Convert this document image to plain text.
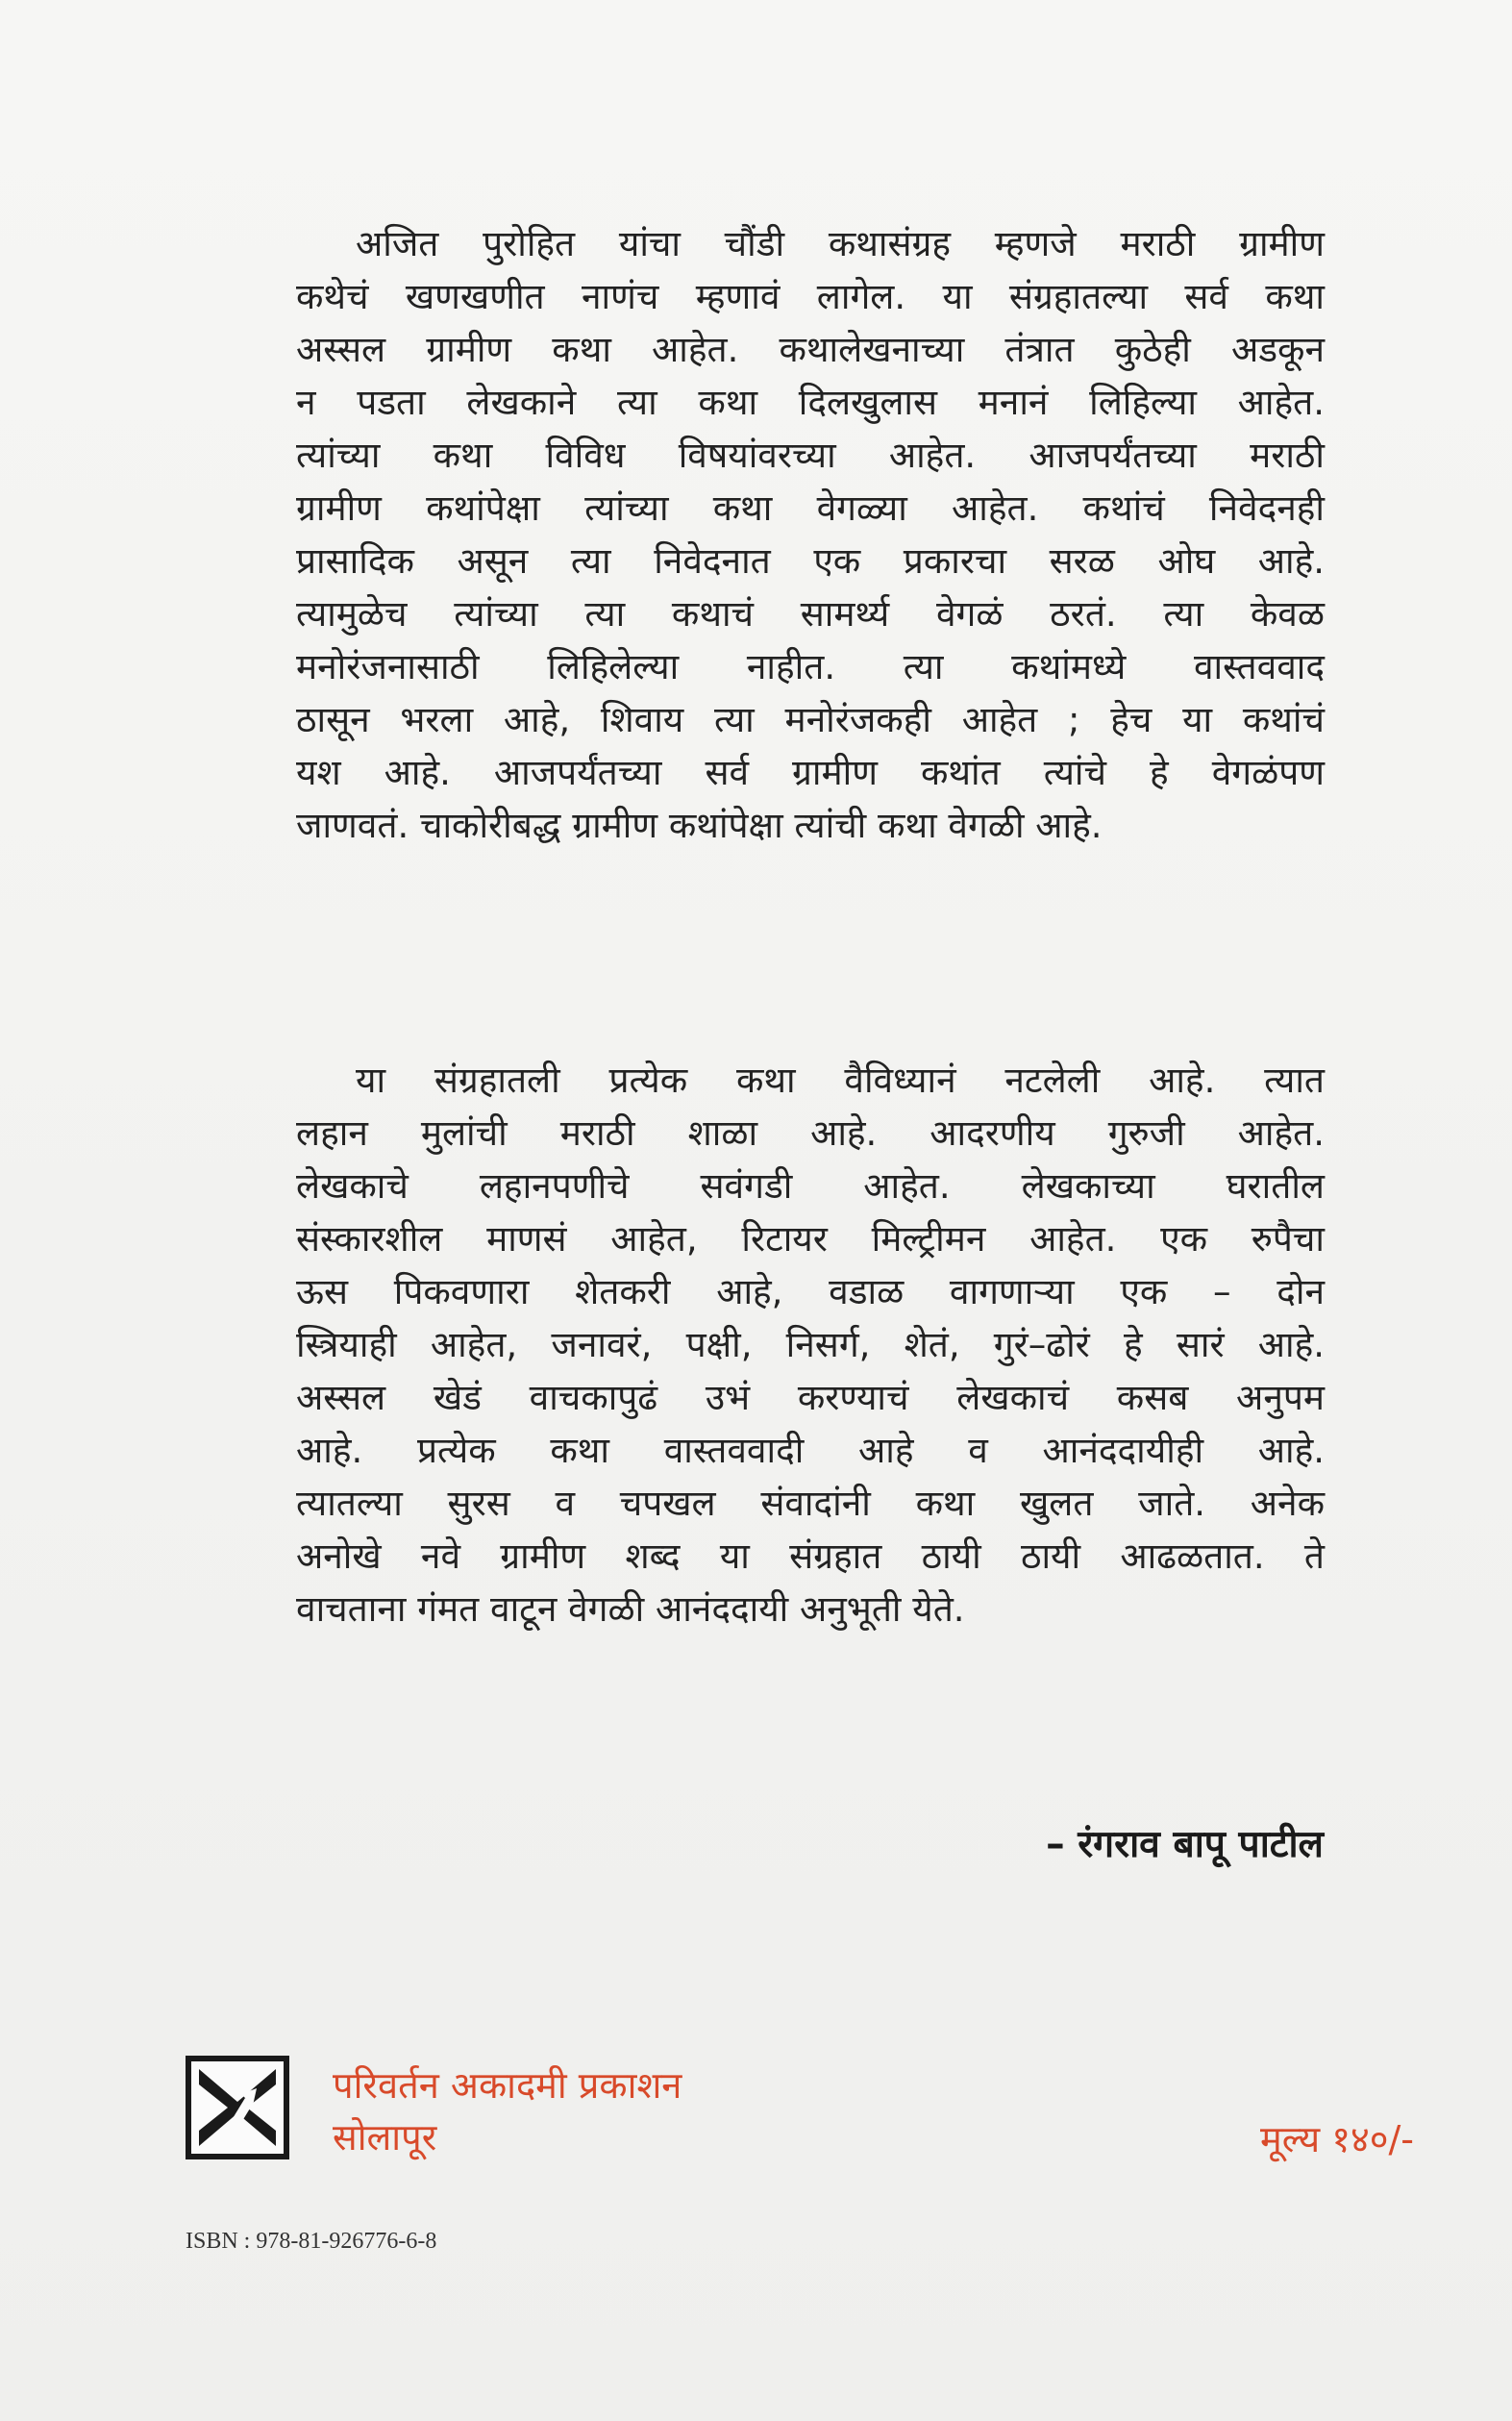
अजित पुरोहित यांचा चौंडी कथासंग्रह म्हणजे मराठी ग्रामीण
कथेचं खणखणीत नाणंच म्हणावं लागेल. या संग्रहातल्या सर्व कथा
अस्सल ग्रामीण कथा आहेत. कथालेखनाच्या तंत्रात कुठेही अडकून
न पडता लेखकाने त्या कथा दिलखुलास मनानं लिहिल्या आहेत.
त्यांच्या कथा विविध विषयांवरच्या आहेत. आजपर्यंतच्या मराठी
ग्रामीण कथांपेक्षा त्यांच्या कथा वेगळ्या आहेत. कथांचं निवेदनही
प्रासादिक असून त्या निवेदनात एक प्रकारचा सरळ ओघ आहे.
त्यामुळेच त्यांच्या त्या कथाचं सामर्थ्य वेगळं ठरतं. त्या केवळ
मनोरंजनासाठी लिहिलेल्या नाहीत. त्या कथांमध्ये वास्तववाद
ठासून भरला आहे, शिवाय त्या मनोरंजकही आहेत ; हेच या कथांचं
यश आहे. आजपर्यंतच्या सर्व ग्रामीण कथांत त्यांचे हे वेगळंपण
जाणवतं. चाकोरीबद्ध ग्रामीण कथांपेक्षा त्यांची कथा वेगळी आहे.

या संग्रहातली प्रत्येक कथा वैविध्यानं नटलेली आहे. त्यात
लहान मुलांची मराठी शाळा आहे. आदरणीय गुरुजी आहेत.
लेखकाचे लहानपणीचे सवंगडी आहेत. लेखकाच्या घरातील
संस्कारशील माणसं आहेत, रिटायर मिल्ट्रीमन आहेत. एक रुपैचा
ऊस पिकवणारा शेतकरी आहे, वडाळ वागणाऱ्या एक – दोन
स्त्रियाही आहेत, जनावरं, पक्षी, निसर्ग, शेतं, गुरं–ढोरं हे सारं आहे.
अस्सल खेडं वाचकापुढं उभं करण्याचं लेखकाचं कसब अनुपम
आहे. प्रत्येक कथा वास्तववादी आहे व आनंददायीही आहे.
त्यातल्या सुरस व चपखल संवादांनी कथा खुलत जाते. अनेक
अनोखे नवे ग्रामीण शब्द या संग्रहात ठायी ठायी आढळतात. ते
वाचताना गंमत वाटून वेगळी आनंददायी अनुभूती येते.

– रंगराव बापू पाटील
परिवर्तन अकादमी प्रकाशन
सोलापूर	मूल्य १४०/-
ISBN : 978-81-926776-6-8
